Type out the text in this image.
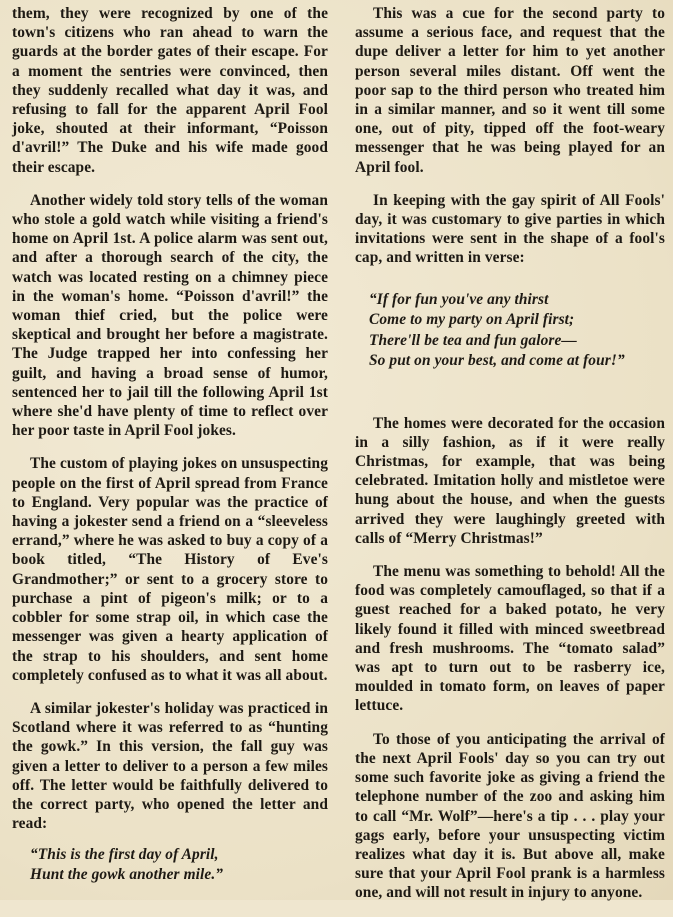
them, they were recognized by one of the town's citizens who ran ahead to warn the guards at the border gates of their escape. For a moment the sentries were convinced, then they suddenly recalled what day it was, and refusing to fall for the apparent April Fool joke, shouted at their informant, “Poisson d'avril!” The Duke and his wife made good their escape.

Another widely told story tells of the woman who stole a gold watch while visiting a friend's home on April 1st. A police alarm was sent out, and after a thorough search of the city, the watch was located resting on a chimney piece in the woman's home. “Poisson d'avril!” the woman thief cried, but the police were skeptical and brought her before a magistrate. The Judge trapped her into confessing her guilt, and having a broad sense of humor, sentenced her to jail till the following April 1st where she'd have plenty of time to reflect over her poor taste in April Fool jokes.

The custom of playing jokes on unsuspecting people on the first of April spread from France to England. Very popular was the practice of having a jokester send a friend on a “sleeveless errand,” where he was asked to buy a copy of a book titled, “The History of Eve's Grandmother;” or sent to a grocery store to purchase a pint of pigeon's milk; or to a cobbler for some strap oil, in which case the messenger was given a hearty application of the strap to his shoulders, and sent home completely confused as to what it was all about.

A similar jokester's holiday was practiced in Scotland where it was referred to as “hunting the gowk.” In this version, the fall guy was given a letter to deliver to a person a few miles off. The letter would be faithfully delivered to the correct party, who opened the letter and read:

“This is the first day of April,
Hunt the gowk another mile.”

This was a cue for the second party to assume a serious face, and request that the dupe deliver a letter for him to yet another person several miles distant. Off went the poor sap to the third person who treated him in a similar manner, and so it went till some one, out of pity, tipped off the foot-weary messenger that he was being played for an April fool.

In keeping with the gay spirit of All Fools' day, it was customary to give parties in which invitations were sent in the shape of a fool's cap, and written in verse:

“If for fun you've any thirst
Come to my party on April first;
There'll be tea and fun galore—
So put on your best, and come at four!”

The homes were decorated for the occasion in a silly fashion, as if it were really Christmas, for example, that was being celebrated. Imitation holly and mistletoe were hung about the house, and when the guests arrived they were laughingly greeted with calls of “Merry Christmas!”

The menu was something to behold! All the food was completely camouflaged, so that if a guest reached for a baked potato, he very likely found it filled with minced sweetbread and fresh mushrooms. The “tomato salad” was apt to turn out to be rasberry ice, moulded in tomato form, on leaves of paper lettuce.

To those of you anticipating the arrival of the next April Fools' day so you can try out some such favorite joke as giving a friend the telephone number of the zoo and asking him to call “Mr. Wolf”—here's a tip . . . play your gags early, before your unsuspecting victim realizes what day it is. But above all, make sure that your April Fool prank is a harmless one, and will not result in injury to anyone.
